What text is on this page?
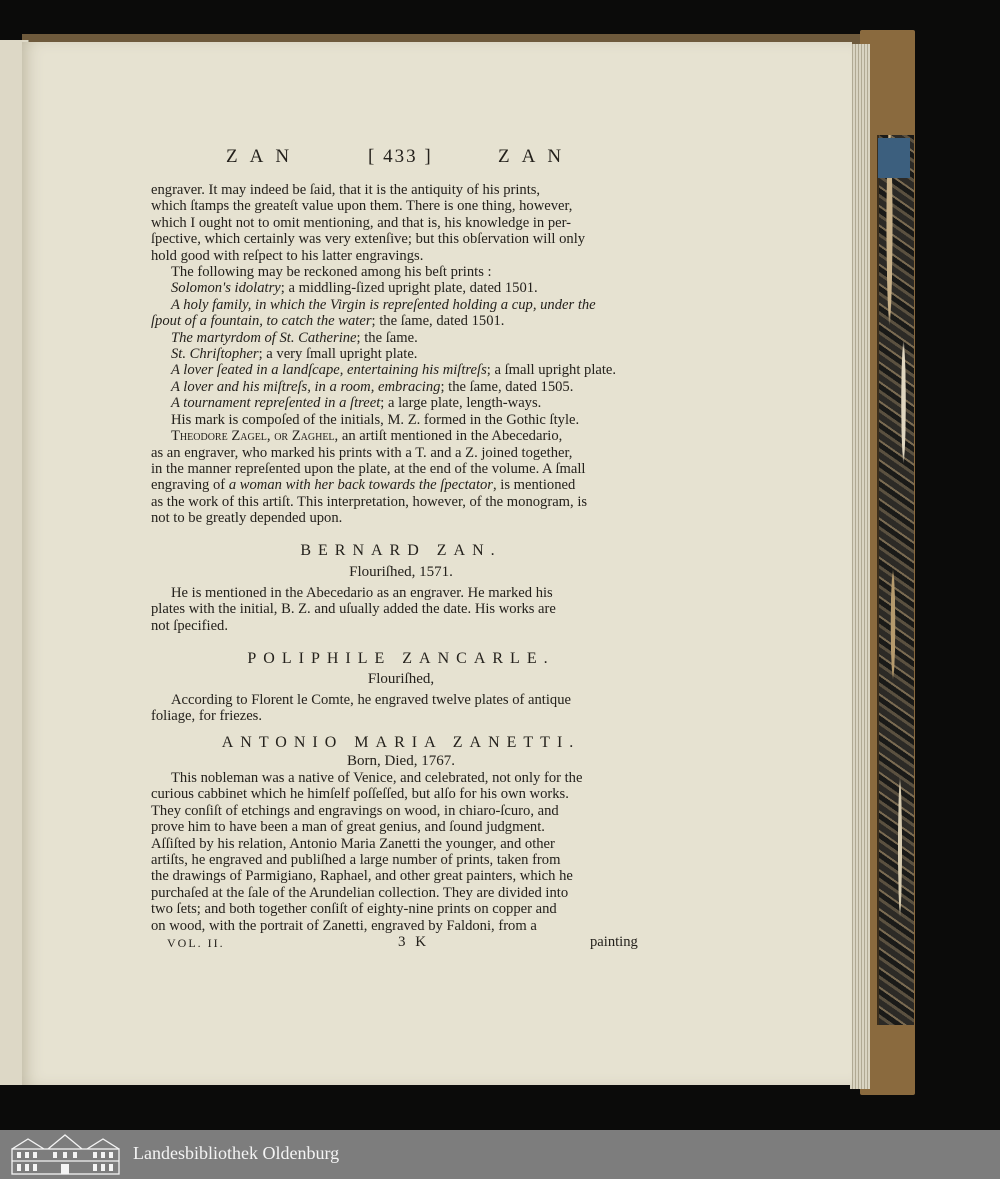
ZAN	[ 433 ]	ZAN
engraver. It may indeed be ſaid, that it is the antiquity of his prints,
which ſtamps the greateſt value upon them. There is one thing, however,
which I ought not to omit mentioning, and that is, his knowledge in per-
ſpective, which certainly was very extenſive; but this obſervation will only
hold good with reſpect to his latter engravings.
The following may be reckoned among his beſt prints :
Solomon's idolatry; a middling-ſized upright plate, dated 1501.
A holy family, in which the Virgin is repreſented holding a cup, under the
ſpout of a fountain, to catch the water; the ſame, dated 1501.
The martyrdom of St. Catherine; the ſame.
St. Chriſtopher; a very ſmall upright plate.
A lover ſeated in a landſcape, entertaining his miſtreſs; a ſmall upright plate.
A lover and his miſtreſs, in a room, embracing; the ſame, dated 1505.
A tournament repreſented in a ſtreet; a large plate, length-ways.
His mark is compoſed of the initials, M. Z. formed in the Gothic ſtyle.
Theodore Zagel, or Zaghel, an artiſt mentioned in the Abecedario,
as an engraver, who marked his prints with a T. and a Z. joined together,
in the manner repreſented upon the plate, at the end of the volume. A ſmall
engraving of a woman with her back towards the ſpectator, is mentioned
as the work of this artiſt. This interpretation, however, of the monogram, is
not to be greatly depended upon.
BERNARD ZAN.
Flouriſhed, 1571.
He is mentioned in the Abecedario as an engraver. He marked his
plates with the initial, B. Z. and uſually added the date. His works are
not ſpecified.
POLIPHILE ZANCARLE.
Flouriſhed,
According to Florent le Comte, he engraved twelve plates of antique
foliage, for friezes.
ANTONIO MARIA ZANETTI.
Born, Died, 1767.
This nobleman was a native of Venice, and celebrated, not only for the
curious cabbinet which he himſelf poſſeſſed, but alſo for his own works.
They conſiſt of etchings and engravings on wood, in chiaro-ſcuro, and
prove him to have been a man of great genius, and ſound judgment.
Aſſiſted by his relation, Antonio Maria Zanetti the younger, and other
artiſts, he engraved and publiſhed a large number of prints, taken from
the drawings of Parmigiano, Raphael, and other great painters, which he
purchaſed at the ſale of the Arundelian collection. They are divided into
two ſets; and both together conſiſt of eighty-nine prints on copper and
on wood, with the portrait of Zanetti, engraved by Faldoni, from a
VOL. II.	3 K	painting
Landesbibliothek Oldenburg
